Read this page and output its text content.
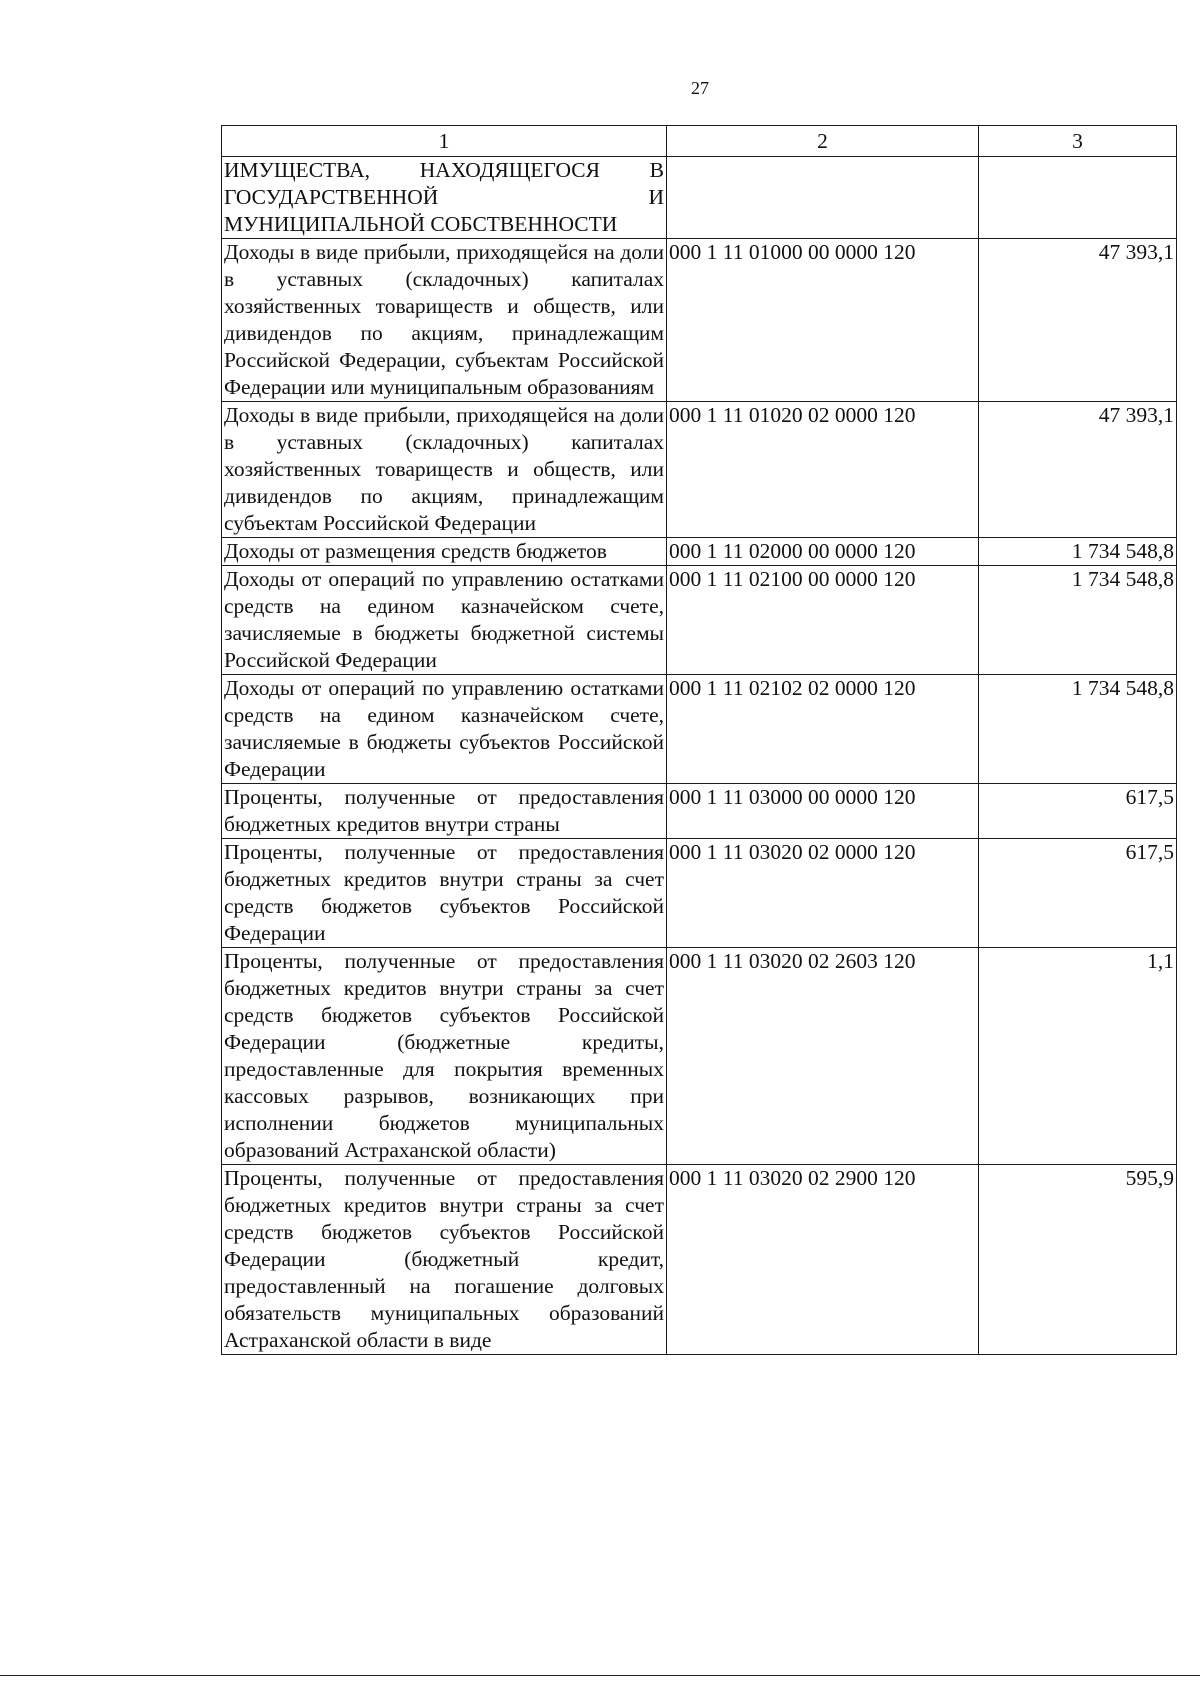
27
1	2	3
ИМУЩЕСТВА, НАХОДЯЩЕГОСЯ В ГОСУДАРСТВЕННОЙ И МУНИЦИПАЛЬНОЙ СОБСТВЕННОСТИ		
Доходы в виде прибыли, приходящейся на доли в уставных (складочных) капиталах хозяйственных товариществ и обществ, или дивидендов по акциям, принадлежащим Российской Федерации, субъектам Российской Федерации или муниципальным образованиям	000 1 11 01000 00 0000 120	47 393,1
Доходы в виде прибыли, приходящейся на доли в уставных (складочных) капиталах хозяйственных товариществ и обществ, или дивидендов по акциям, принадлежащим субъектам Российской Федерации	000 1 11 01020 02 0000 120	47 393,1
Доходы от размещения средств бюджетов	000 1 11 02000 00 0000 120	1 734 548,8
Доходы от операций по управлению остатками средств на едином казначейском счете, зачисляемые в бюджеты бюджетной системы Российской Федерации	000 1 11 02100 00 0000 120	1 734 548,8
Доходы от операций по управлению остатками средств на едином казначейском счете, зачисляемые в бюджеты субъектов Российской Федерации	000 1 11 02102 02 0000 120	1 734 548,8
Проценты, полученные от предоставления бюджетных кредитов внутри страны	000 1 11 03000 00 0000 120	617,5
Проценты, полученные от предоставления бюджетных кредитов внутри страны за счет средств бюджетов субъектов Российской Федерации	000 1 11 03020 02 0000 120	617,5
Проценты, полученные от предоставления бюджетных кредитов внутри страны за счет средств бюджетов субъектов Российской Федерации (бюджетные кредиты, предоставленные для покрытия временных кассовых разрывов, возникающих при исполнении бюджетов муниципальных образований Астраханской области)	000 1 11 03020 02 2603 120	1,1
Проценты, полученные от предоставления бюджетных кредитов внутри страны за счет средств бюджетов субъектов Российской Федерации (бюджетный кредит, предоставленный на погашение долговых обязательств муниципальных образований Астраханской области в виде	000 1 11 03020 02 2900 120	595,9
